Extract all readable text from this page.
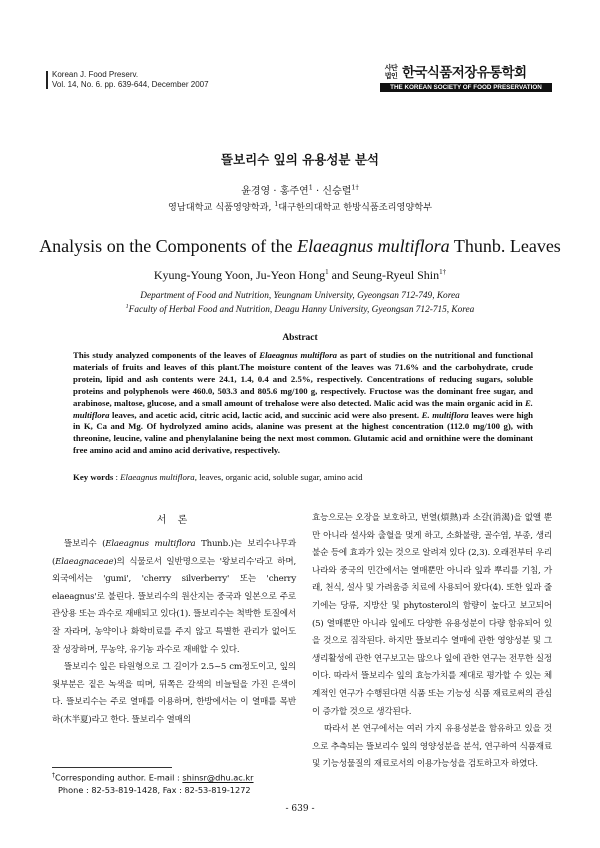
Korean J. Food Preserv.
Vol. 14, No. 6. pp. 639-644, December 2007
사단
법인 한국식품저장유통학회
THE KOREAN SOCIETY OF FOOD PRESERVATION
뜰보리수 잎의 유용성분 분석
윤경영 · 홍주연$^1$ · 신승렬$^{1\dagger}$
영남대학교 식품영양학과, $^1$대구한의대학교 한방식품조리영양학부
Analysis on the Components of the Elaeagnus multiflora Thunb. Leaves
Kyung-Young Yoon, Ju-Yeon Hong$^1$ and Seung-Ryeul Shin$^{1\dagger}$
Department of Food and Nutrition, Yeungnam University, Gyeongsan 712-749, Korea
$^1$Faculty of Herbal Food and Nutrition, Deagu Hanny University, Gyeongsan 712-715, Korea
Abstract
This study analyzed components of the leaves of Elaeagnus multiflora as part of studies on the nutritional and functional materials of fruits and leaves of this plant.The moisture content of the leaves was 71.6% and the carbohydrate, crude protein, lipid and ash contents were 24.1, 1.4, 0.4 and 2.5%, respectively. Concentrations of reducing sugars, soluble proteins and polyphenols were 460.0, 503.3 and 805.6 mg/100 g, respectively. Fructose was the dominant free sugar, and arabinose, maltose, glucose, and a small amount of trehalose were also detected. Malic acid was the main organic acid in E. multiflora leaves, and acetic acid, citric acid, lactic acid, and succinic acid were also present. E. multiflora leaves were high in K, Ca and Mg. Of hydrolyzed amino acids, alanine was present at the highest concentration (112.0 mg/100 g), with threonine, leucine, valine and phenylalanine being the next most common. Glutamic acid and ornithine were the dominant free amino acid and amino acid derivative, respectively.
Key words : Elaeagnus multiflora, leaves, organic acid, soluble sugar, amino acid
서 론

뜰보리수 (Elaeagnus multiflora Thunb.)는 보리수나무과 (Elaeagnaceae)의 식물로서 일반명으로는 '왕보리수'라고 하며, 외국에서는 'gumi', 'cherry silverberry' 또는 'cherry elaeagnus'로 불린다. 뜰보리수의 원산지는 중국과 일본으로 주로 관상용 또는 과수로 재배되고 있다(1). 뜰보리수는 척박한 토질에서 잘 자라며, 농약이나 화학비료를 주지 않고 특별한 관리가 없어도 잘 성장하며, 무농약, 유기농 과수로 재배할 수 있다.

뜰보리수 잎은 타원형으로 그 길이가 2.5~5 cm정도이고, 잎의 윗부분은 짙은 녹색을 띠며, 뒤쪽은 갈색의 비늘털을 가진 은색이다. 뜰보리수는 주로 열매를 이용하며, 한방에서는 이 열매를 목반하(木半夏)라고 한다. 뜰보리수 열매의

효능으로는 오장을 보호하고, 번열(煩熱)과 소갈(消渴)을 없앨 뿐만 아니라 설사와 출혈을 멎게 하고, 소화불량, 골수염, 부종, 생리불순 등에 효과가 있는 것으로 알려져 있다 (2,3). 오래전부터 우리나라와 중국의 민간에서는 열매뿐만 아니라 잎과 뿌리를 기침, 가래, 천식, 설사 및 가려움증 치료에 사용되어 왔다(4). 또한 잎과 줄기에는 당류, 지방산 및 phytosterol의 함량이 높다고 보고되어(5) 열매뿐만 아니라 잎에도 다양한 유용성분이 다량 함유되어 있을 것으로 짐작된다. 하지만 뜰보리수 열매에 관한 영양성분 및 그 생리활성에 관한 연구보고는 많으나 잎에 관한 연구는 전무한 실정이다. 따라서 뜰보리수 잎의 효능가치를 제대로 평가할 수 있는 체계적인 연구가 수행된다면 식품 또는 기능성 식품 재료로써의 관심이 증가할 것으로 생각된다.

따라서 본 연구에서는 여러 가지 유용성분을 함유하고 있을 것으로 추측되는 뜰보리수 잎의 영양성분을 분석, 연구하여 식품재료 및 기능성물질의 재료로서의 이용가능성을 검토하고자 하였다.

†Corresponding author. E-mail : shinsr@dhu.ac.kr
Phone : 82-53-819-1428, Fax : 82-53-819-1272
- 639 -
